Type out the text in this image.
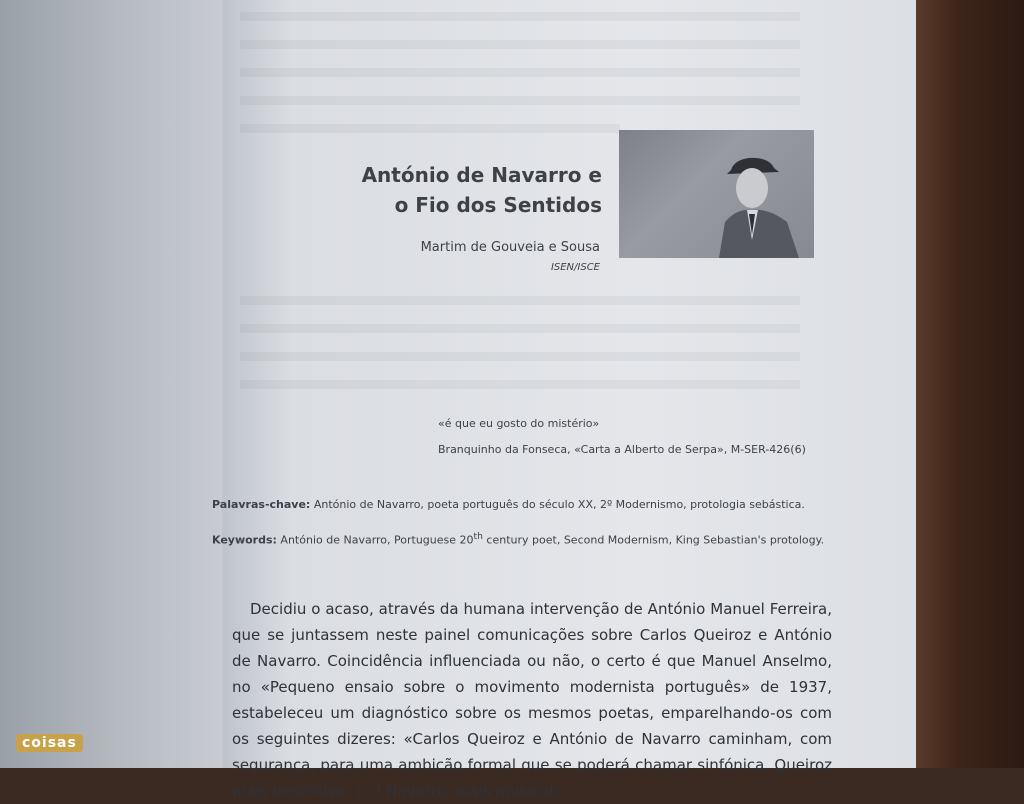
António de Navarro e
o Fio dos Sentidos
Martim de Gouveia e Sousa
ISEN/ISCE
«é que eu gosto do mistério»
Branquinho da Fonseca, «Carta a Alberto de Serpa», M-SER-426(6)
Palavras-chave: António de Navarro, poeta português do século XX, 2º Modernismo, protologia sebástica.
Keywords: António de Navarro, Portuguese 20th century poet, Second Modernism, King Sebastian's protology.

Decidiu o acaso, através da humana intervenção de António Manuel Ferreira, que se juntassem neste painel comunicações sobre Carlos Queiroz e António de Navarro. Coincidência influenciada ou não, o certo é que Manuel Anselmo, no «Pequeno ensaio sobre o movimento modernista português» de 1937, estabeleceu um diagnóstico sobre os mesmos poetas, emparelhando-os com os seguintes dizeres: «Carlos Queiroz e António de Navarro caminham, com segurança, para uma ambição formal que se poderá chamar sinfónica. Queiroz mais descritivo, (...) Navarro, mais musical»

coisas
